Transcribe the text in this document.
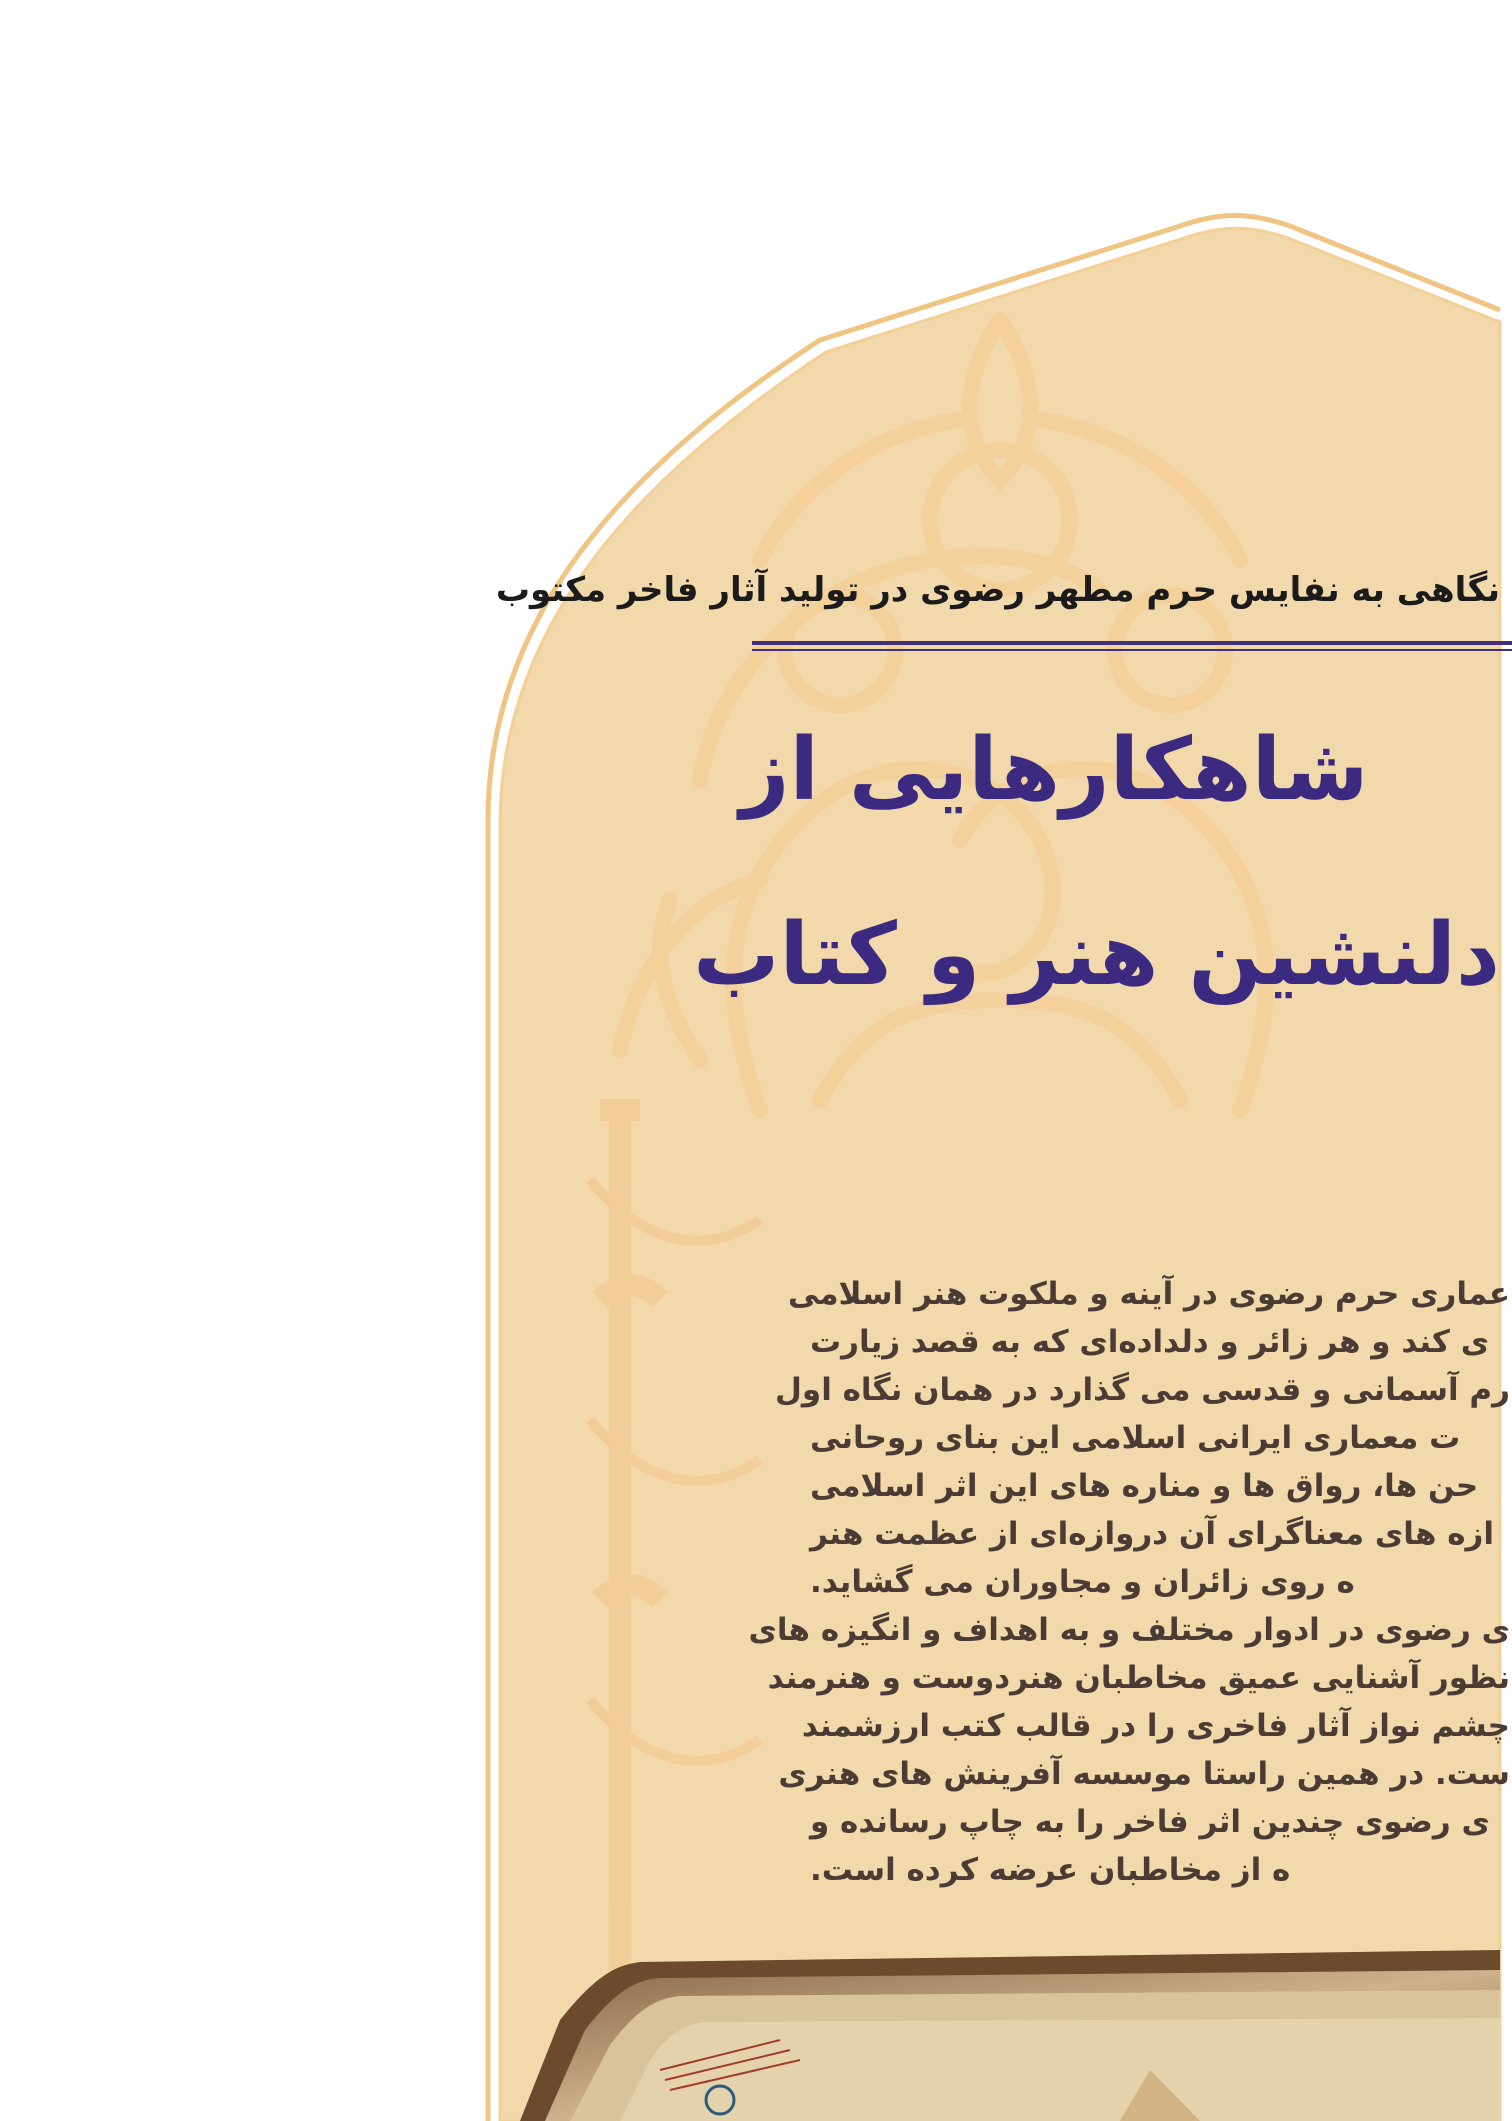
نگاهی به نفایس حرم مطهر رضوی در تولید آثار فاخر مکتوب
شاهکارهایی از
دلنشین هنر و کتاب
عماری حرم رضوی در آینه و ملکوت هنر اسلامی
ی کند و هر زائر و دلداده‌ای که به قصد زیارت
رم آسمانی و قدسی می گذارد در همان نگاه اول
ت معماری ایرانی اسلامی این بنای روحانی
حن ها، رواق ها و مناره های این اثر اسلامی
ازه های معناگرای آن دروازه‌ای از عظمت هنر
ه روی زائران و مجاوران می گشاید.
ی رضوی در ادوار مختلف و به اهداف و انگیزه های
نظور آشنایی عمیق مخاطبان هنردوست و هنرمند
چشم نواز آثار فاخری را در قالب کتب ارزشمند
ست. در همین راستا موسسه آفرینش های هنری
ی رضوی چندین اثر فاخر را به چاپ رسانده و
ه از مخاطبان عرضه کرده است.
